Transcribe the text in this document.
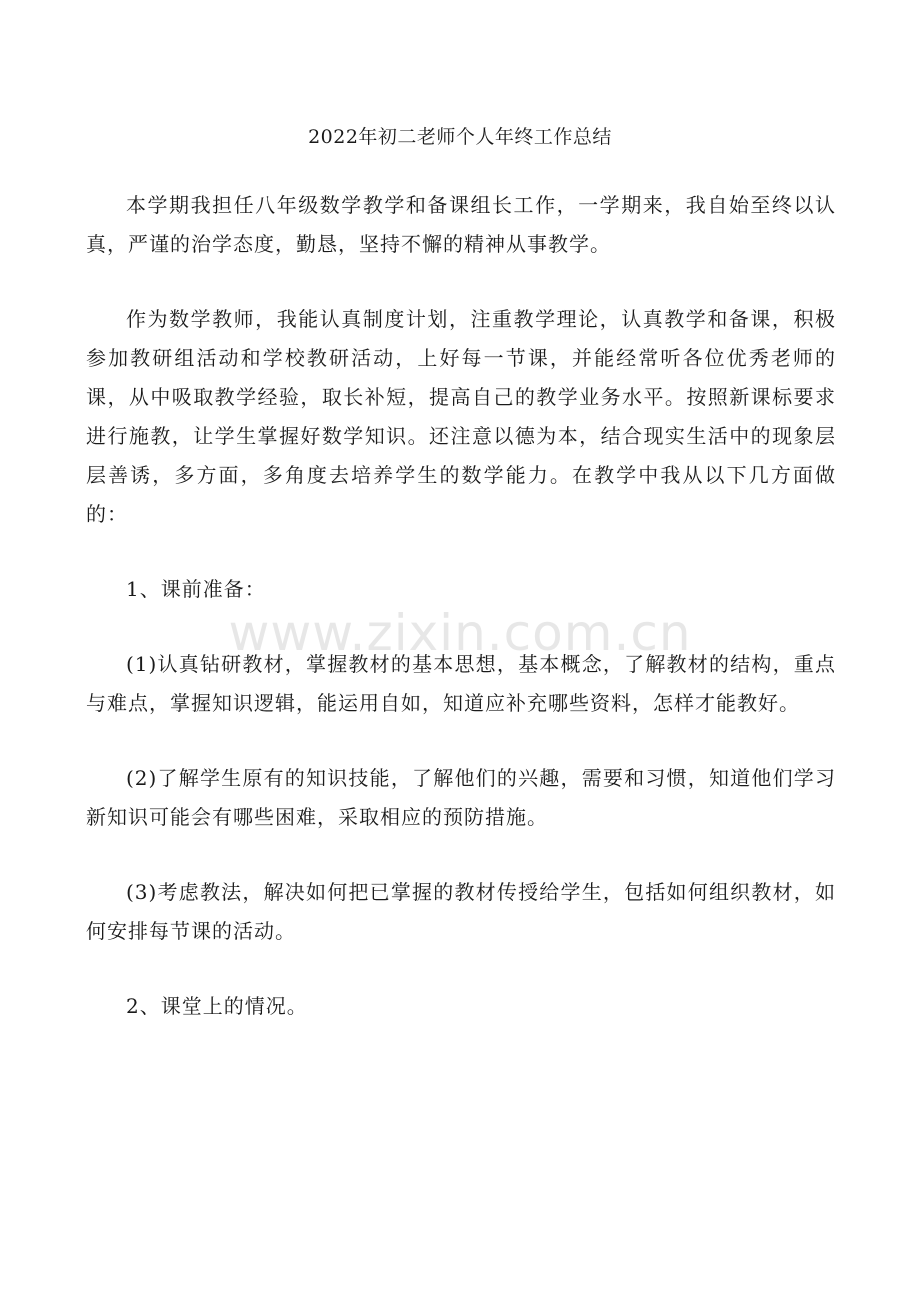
2022年初二老师个人年终工作总结

本学期我担任八年级数学教学和备课组长工作，一学期来，我自始至终以认真，严谨的治学态度，勤恳，坚持不懈的精神从事教学。

作为数学教师，我能认真制度计划，注重教学理论，认真教学和备课，积极参加教研组活动和学校教研活动，上好每一节课，并能经常听各位优秀老师的课，从中吸取教学经验，取长补短，提高自己的教学业务水平。按照新课标要求进行施教，让学生掌握好数学知识。还注意以德为本，结合现实生活中的现象层层善诱，多方面，多角度去培养学生的数学能力。在教学中我从以下几方面做的：

1、课前准备：

(1)认真钻研教材，掌握教材的基本思想，基本概念，了解教材的结构，重点与难点，掌握知识逻辑，能运用自如，知道应补充哪些资料，怎样才能教好。

(2)了解学生原有的知识技能，了解他们的兴趣，需要和习惯，知道他们学习新知识可能会有哪些困难，采取相应的预防措施。

(3)考虑教法，解决如何把已掌握的教材传授给学生，包括如何组织教材，如何安排每节课的活动。

2、课堂上的情况。

www.zixin.com.cn
